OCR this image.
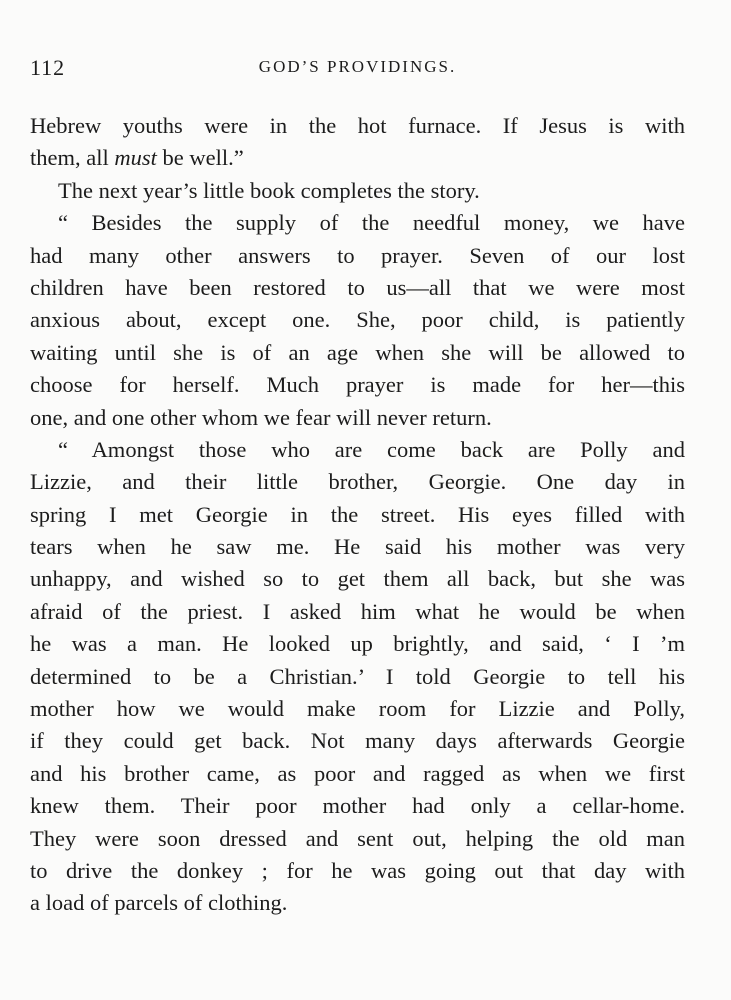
112	GOD’S PROVIDINGS.
Hebrew youths were in the hot furnace. If Jesus is with
them, all must be well.”
The next year’s little book completes the story.
“ Besides the supply of the needful money, we have
had many other answers to prayer. Seven of our lost
children have been restored to us—all that we were most
anxious about, except one. She, poor child, is patiently
waiting until she is of an age when she will be allowed to
choose for herself. Much prayer is made for her—this
one, and one other whom we fear will never return.
“ Amongst those who are come back are Polly and
Lizzie, and their little brother, Georgie. One day in
spring I met Georgie in the street. His eyes filled with
tears when he saw me. He said his mother was very
unhappy, and wished so to get them all back, but she was
afraid of the priest. I asked him what he would be when
he was a man. He looked up brightly, and said, ‘ I ’m
determined to be a Christian.’ I told Georgie to tell his
mother how we would make room for Lizzie and Polly,
if they could get back. Not many days afterwards Georgie
and his brother came, as poor and ragged as when we first
knew them. Their poor mother had only a cellar-home.
They were soon dressed and sent out, helping the old man
to drive the donkey ; for he was going out that day with
a load of parcels of clothing.
